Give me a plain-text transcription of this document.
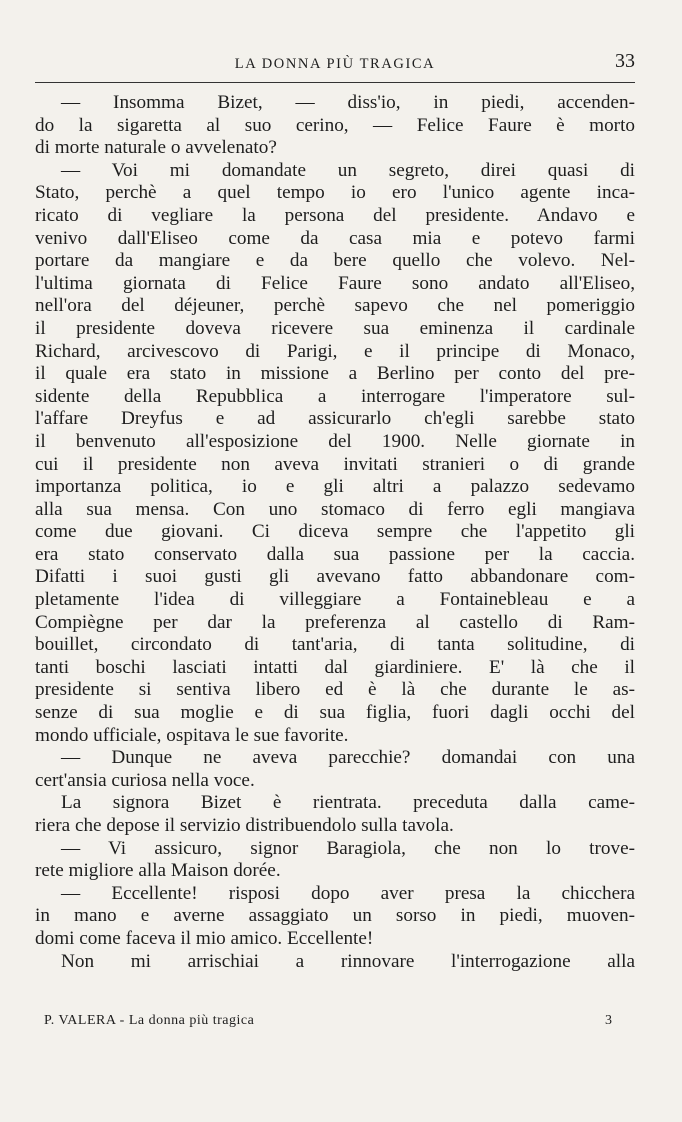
LA DONNA PIÙ TRAGICA	33
— Insomma Bizet, — diss'io, in piedi, accenden-
do la sigaretta al suo cerino, — Felice Faure è morto
di morte naturale o avvelenato?
— Voi mi domandate un segreto, direi quasi di
Stato, perchè a quel tempo io ero l'unico agente inca-
ricato di vegliare la persona del presidente. Andavo e
venivo dall'Eliseo come da casa mia e potevo farmi
portare da mangiare e da bere quello che volevo. Nel-
l'ultima giornata di Felice Faure sono andato all'Eliseo,
nell'ora del déjeuner, perchè sapevo che nel pomeriggio
il presidente doveva ricevere sua eminenza il cardinale
Richard, arcivescovo di Parigi, e il principe di Monaco,
il quale era stato in missione a Berlino per conto del pre-
sidente della Repubblica a interrogare l'imperatore sul-
l'affare Dreyfus e ad assicurarlo ch'egli sarebbe stato
il benvenuto all'esposizione del 1900. Nelle giornate in
cui il presidente non aveva invitati stranieri o di grande
importanza politica, io e gli altri a palazzo sedevamo
alla sua mensa. Con uno stomaco di ferro egli mangiava
come due giovani. Ci diceva sempre che l'appetito gli
era stato conservato dalla sua passione per la caccia.
Difatti i suoi gusti gli avevano fatto abbandonare com-
pletamente l'idea di villeggiare a Fontainebleau e a
Compiègne per dar la preferenza al castello di Ram-
bouillet, circondato di tant'aria, di tanta solitudine, di
tanti boschi lasciati intatti dal giardiniere. E' là che il
presidente si sentiva libero ed è là che durante le as-
senze di sua moglie e di sua figlia, fuori dagli occhi del
mondo ufficiale, ospitava le sue favorite.
— Dunque ne aveva parecchie? domandai con una
cert'ansia curiosa nella voce.
La signora Bizet è rientrata. preceduta dalla came-
riera che depose il servizio distribuendolo sulla tavola.
— Vi assicuro, signor Baragiola, che non lo trove-
rete migliore alla Maison dorée.
— Eccellente! risposi dopo aver presa la chicchera
in mano e averne assaggiato un sorso in piedi, muoven-
domi come faceva il mio amico. Eccellente!
Non mi arrischiai a rinnovare l'interrogazione alla
P. VALERA - La donna più tragica	3
